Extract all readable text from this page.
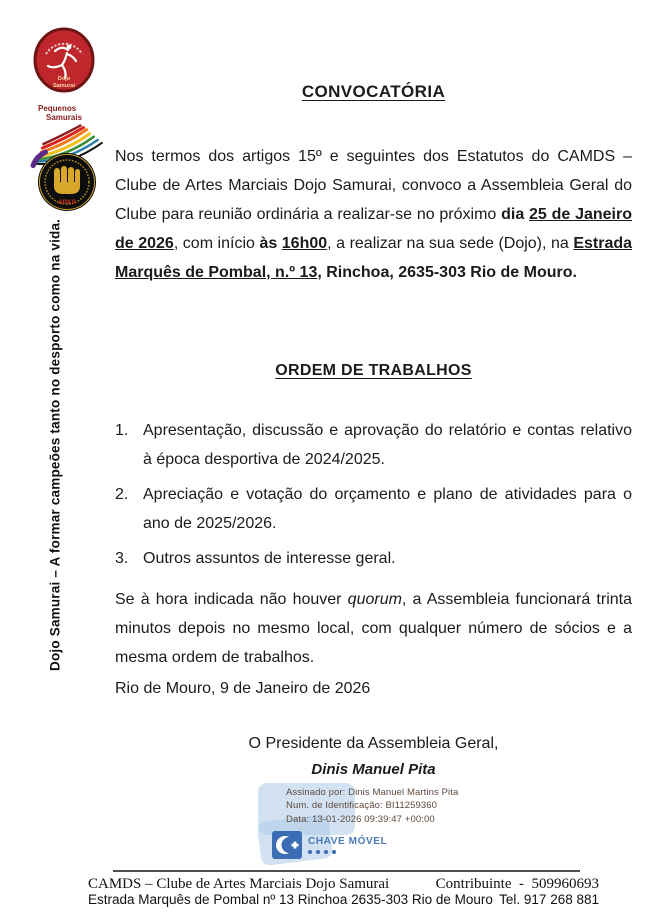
Dojo
Samurai
Pequenos
Samurais
APKS
Dojo Samurai – A formar campeões tanto no desporto como na vida.
CONVOCATÓRIA
Nos termos dos artigos 15º e seguintes dos Estatutos do CAMDS – Clube de Artes Marciais Dojo Samurai, convoco a Assembleia Geral do Clube para reunião ordinária a realizar-se no próximo dia 25 de Janeiro de 2026, com início às 16h00, a realizar na sua sede (Dojo), na Estrada Marquês de Pombal, n.º 13, Rinchoa, 2635-303 Rio de Mouro.
ORDEM DE TRABALHOS
1. Apresentação, discussão e aprovação do relatório e contas relativo à época desportiva de 2024/2025.
2. Apreciação e votação do orçamento e plano de atividades para o ano de 2025/2026.
3. Outros assuntos de interesse geral.
Se à hora indicada não houver quorum, a Assembleia funcionará trinta minutos depois no mesmo local, com qualquer número de sócios e a mesma ordem de trabalhos.
Rio de Mouro, 9 de Janeiro de 2026
O Presidente da Assembleia Geral,
Dinis Manuel Pita
Assinado por: Dinis Manuel Martins Pita
Num. de Identificação: BI11259360
Data: 13-01-2026 09:39:47 +00:00
CHAVE MÓVEL
CAMDS – Clube de Artes Marciais Dojo Samurai
Estrada Marquês de Pombal nº 13 Rinchoa 2635-303 Rio de Mouro
Contribuinte  -  509960693
Tel. 917 268 881
